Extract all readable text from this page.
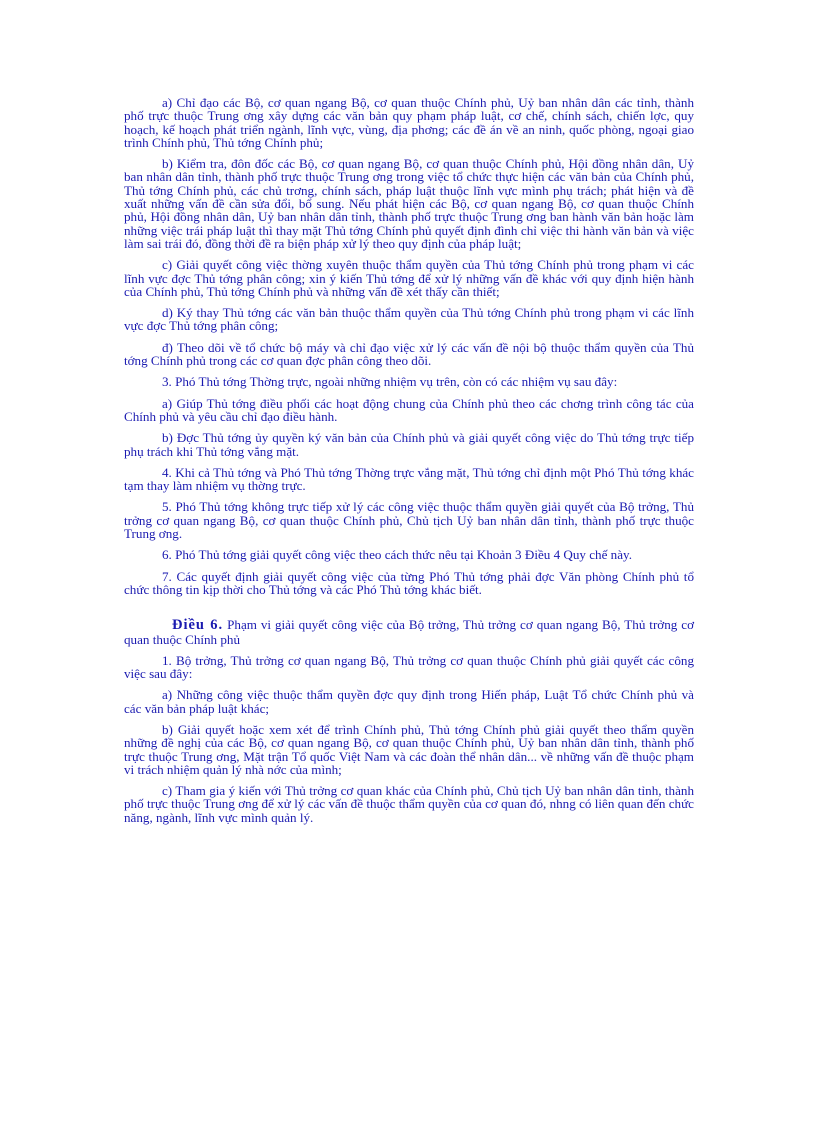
a) Chỉ đạo các Bộ, cơ quan ngang Bộ, cơ quan thuộc Chính phủ, Uỷ ban nhân dân các tỉnh, thành phố trực thuộc Trung ơng xây dựng các văn bản quy phạm pháp luật, cơ chế, chính sách, chiến lợc, quy hoạch, kế hoạch phát triển ngành, lĩnh vực, vùng, địa phơng; các đề án về an ninh, quốc phòng, ngoại giao trình Chính phủ, Thủ tớng Chính phủ;

b) Kiểm tra, đôn đốc các Bộ, cơ quan ngang Bộ, cơ quan thuộc Chính phủ, Hội đồng nhân dân, Uỷ ban nhân dân tỉnh, thành phố trực thuộc Trung ơng trong việc tổ chức thực hiện các văn bản của Chính phủ, Thủ tớng Chính phủ, các chủ trơng, chính sách, pháp luật thuộc lĩnh vực mình phụ trách; phát hiện và đề xuất những vấn đề cần sửa đổi, bổ sung. Nếu phát hiện các Bộ, cơ quan ngang Bộ, cơ quan thuộc Chính phủ, Hội đồng nhân dân, Uỷ ban nhân dân tỉnh, thành phố trực thuộc Trung ơng ban hành văn bản hoặc làm những việc trái pháp luật thì thay mặt Thủ tớng Chính phủ quyết định đình chỉ việc thi hành văn bản và việc làm sai trái đó, đồng thời đề ra biện pháp xử lý theo quy định của pháp luật;

c) Giải quyết công việc thờng xuyên thuộc thẩm quyền của Thủ tớng Chính phủ trong phạm vi các lĩnh vực đợc Thủ tớng phân công; xin ý kiến Thủ tớng để xử lý những vấn đề khác với quy định hiện hành của Chính phủ, Thủ tớng Chính phủ và những vấn đề xét thấy cần thiết;

d) Ký thay Thủ tớng các văn bản thuộc thẩm quyền của Thủ tớng Chính phủ trong phạm vi các lĩnh vực đợc Thủ tớng phân công;

đ) Theo dõi về tổ chức bộ máy và chỉ đạo việc xử lý các vấn đề nội bộ thuộc thẩm quyền của Thủ tớng Chính phủ trong các cơ quan đợc phân công theo dõi.

3. Phó Thủ tớng Thờng trực, ngoài những nhiệm vụ trên, còn có các nhiệm vụ sau đây:

a) Giúp Thủ tớng điều phối các hoạt động chung của Chính phủ theo các chơng trình công tác của Chính phủ và yêu cầu chỉ đạo điều hành.

b) Đợc Thủ tớng ủy quyền ký văn bản của Chính phủ và giải quyết công việc do Thủ tớng trực tiếp phụ trách khi Thủ tớng vắng mặt.

4. Khi cả Thủ tớng và Phó Thủ tớng Thờng trực vắng mặt, Thủ tớng chỉ định một Phó Thủ tớng khác tạm thay làm nhiệm vụ thờng trực.

5. Phó Thủ tớng không trực tiếp xử lý các công việc thuộc thẩm quyền giải quyết của Bộ trởng, Thủ trởng cơ quan ngang Bộ, cơ quan thuộc Chính phủ, Chủ tịch Uỷ ban nhân dân tỉnh, thành phố trực thuộc Trung ơng.

6. Phó Thủ tớng giải quyết công việc theo cách thức nêu tại Khoản 3 Điều 4 Quy chế này.

7. Các quyết định giải quyết công việc của từng Phó Thủ tớng phải đợc Văn phòng Chính phủ tổ chức thông tin kịp thời cho Thủ tớng và các Phó Thủ tớng khác biết.

Điều 6. Phạm vi giải quyết công việc của Bộ trởng, Thủ trởng cơ quan ngang Bộ, Thủ trởng cơ quan thuộc Chính phủ

1. Bộ trởng, Thủ trởng cơ quan ngang Bộ, Thủ trởng cơ quan thuộc Chính phủ giải quyết các công việc sau đây:

a) Những công việc thuộc thẩm quyền đợc quy định trong Hiến pháp, Luật Tổ chức Chính phủ và các văn bản pháp luật khác;

b) Giải quyết hoặc xem xét để trình Chính phủ, Thủ tớng Chính phủ giải quyết theo thẩm quyền những đề nghị của các Bộ, cơ quan ngang Bộ, cơ quan thuộc Chính phủ, Uỷ ban nhân dân tỉnh, thành phố trực thuộc Trung ơng, Mặt trận Tổ quốc Việt Nam và các đoàn thể nhân dân... về những vấn đề thuộc phạm vi trách nhiệm quản lý nhà nớc của mình;

c) Tham gia ý kiến với Thủ trởng cơ quan khác của Chính phủ, Chủ tịch Uỷ ban nhân dân tỉnh, thành phố trực thuộc Trung ơng để xử lý các vấn đề thuộc thẩm quyền của cơ quan đó, nhng có liên quan đến chức năng, ngành, lĩnh vực mình quản lý.
